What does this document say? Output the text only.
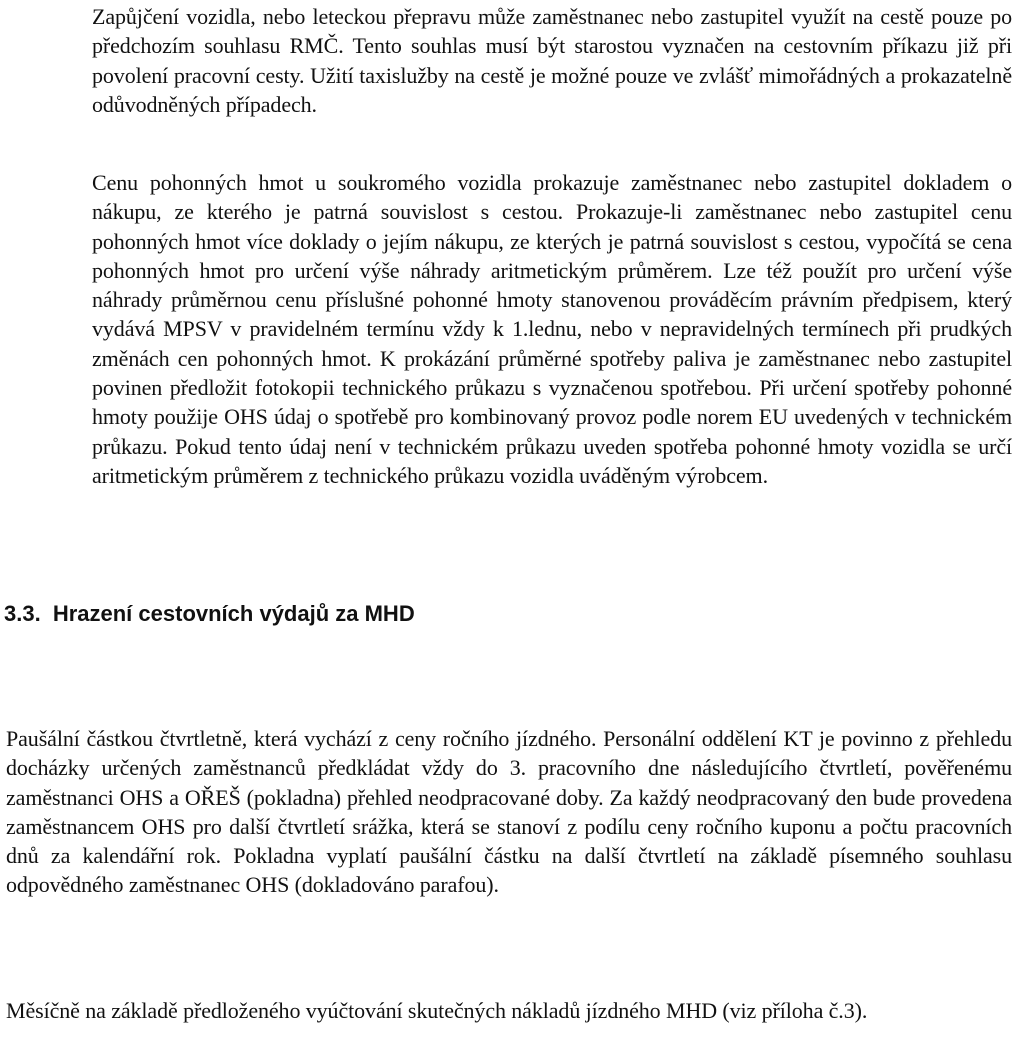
Zapůjčení vozidla, nebo leteckou přepravu může zaměstnanec nebo zastupitel využít na cestě pouze po předchozím souhlasu RMČ. Tento souhlas musí být starostou vyznačen na cestovním příkazu již při povolení pracovní cesty. Užití taxislužby na cestě je možné pouze ve zvlášť mimořádných a prokazatelně odůvodněných případech.

Cenu pohonných hmot u soukromého vozidla prokazuje zaměstnanec nebo zastupitel dokladem o nákupu, ze kterého je patrná souvislost s cestou. Prokazuje-li zaměstnanec nebo zastupitel cenu pohonných hmot více doklady o jejím nákupu, ze kterých je patrná souvislost s cestou, vypočítá se cena pohonných hmot pro určení výše náhrady aritmetickým průměrem. Lze též použít pro určení výše náhrady průměrnou cenu příslušné pohonné hmoty stanovenou prováděcím právním předpisem, který vydává MPSV v pravidelném termínu vždy k 1.lednu, nebo v nepravidelných termínech při prudkých změnách cen pohonných hmot. K prokázání průměrné spotřeby paliva je zaměstnanec nebo zastupitel povinen předložit fotokopii technického průkazu s vyznačenou spotřebou. Při určení spotřeby pohonné hmoty použije OHS údaj o spotřebě pro kombinovaný provoz podle norem EU uvedených v technickém průkazu. Pokud tento údaj není v technickém průkazu uveden spotřeba pohonné hmoty vozidla se určí aritmetickým průměrem z technického průkazu vozidla uváděným výrobcem.

3.3. Hrazení cestovních výdajů za MHD

Paušální částkou čtvrtletně, která vychází z ceny ročního jízdného. Personální oddělení KT je povinno z přehledu docházky určených zaměstnanců předkládat vždy do 3. pracovního dne následujícího čtvrtletí, pověřenému zaměstnanci OHS a OŘEŠ (pokladna) přehled neodpracované doby. Za každý neodpracovaný den bude provedena zaměstnancem OHS pro další čtvrtletí srážka, která se stanoví z podílu ceny ročního kuponu a počtu pracovních dnů za kalendářní rok. Pokladna vyplatí paušální částku na další čtvrtletí na základě písemného souhlasu odpovědného zaměstnanec OHS (dokladováno parafou).

Měsíčně na základě předloženého vyúčtování skutečných nákladů jízdného MHD (viz příloha č.3).
